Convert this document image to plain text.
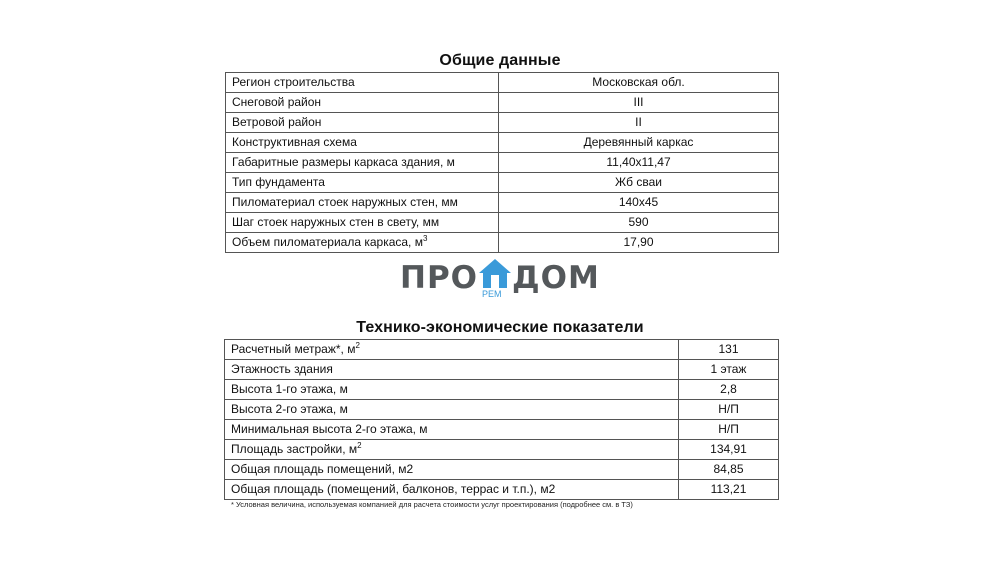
Общие данные
Регион строительства	Московская обл.
Снеговой район	III
Ветровой район	II
Конструктивная схема	Деревянный каркас
Габаритные размеры каркаса здания, м	11,40х11,47
Тип фундамента	Жб сваи
Пиломатериал стоек наружных стен, мм	140х45
Шаг стоек наружных стен в свету, мм	590
Объем пиломатериала каркаса, $м^3$	17,90
ПРО РЕМ ДОМ
Технико-экономические показатели
Расчетный метраж*, $м^2$	131
Этажность здания	1 этаж
Высота 1-го этажа, м	2,8
Высота 2-го этажа, м	Н/П
Минимальная высота 2-го этажа, м	Н/П
Площадь застройки, $м^2$	134,91
Общая площадь помещений, м2	84,85
Общая площадь (помещений, балконов, террас и т.п.), м2	113,21
* Условная величина, используемая компанией для расчета стоимости услуг проектирования (подробнее см. в ТЗ)
